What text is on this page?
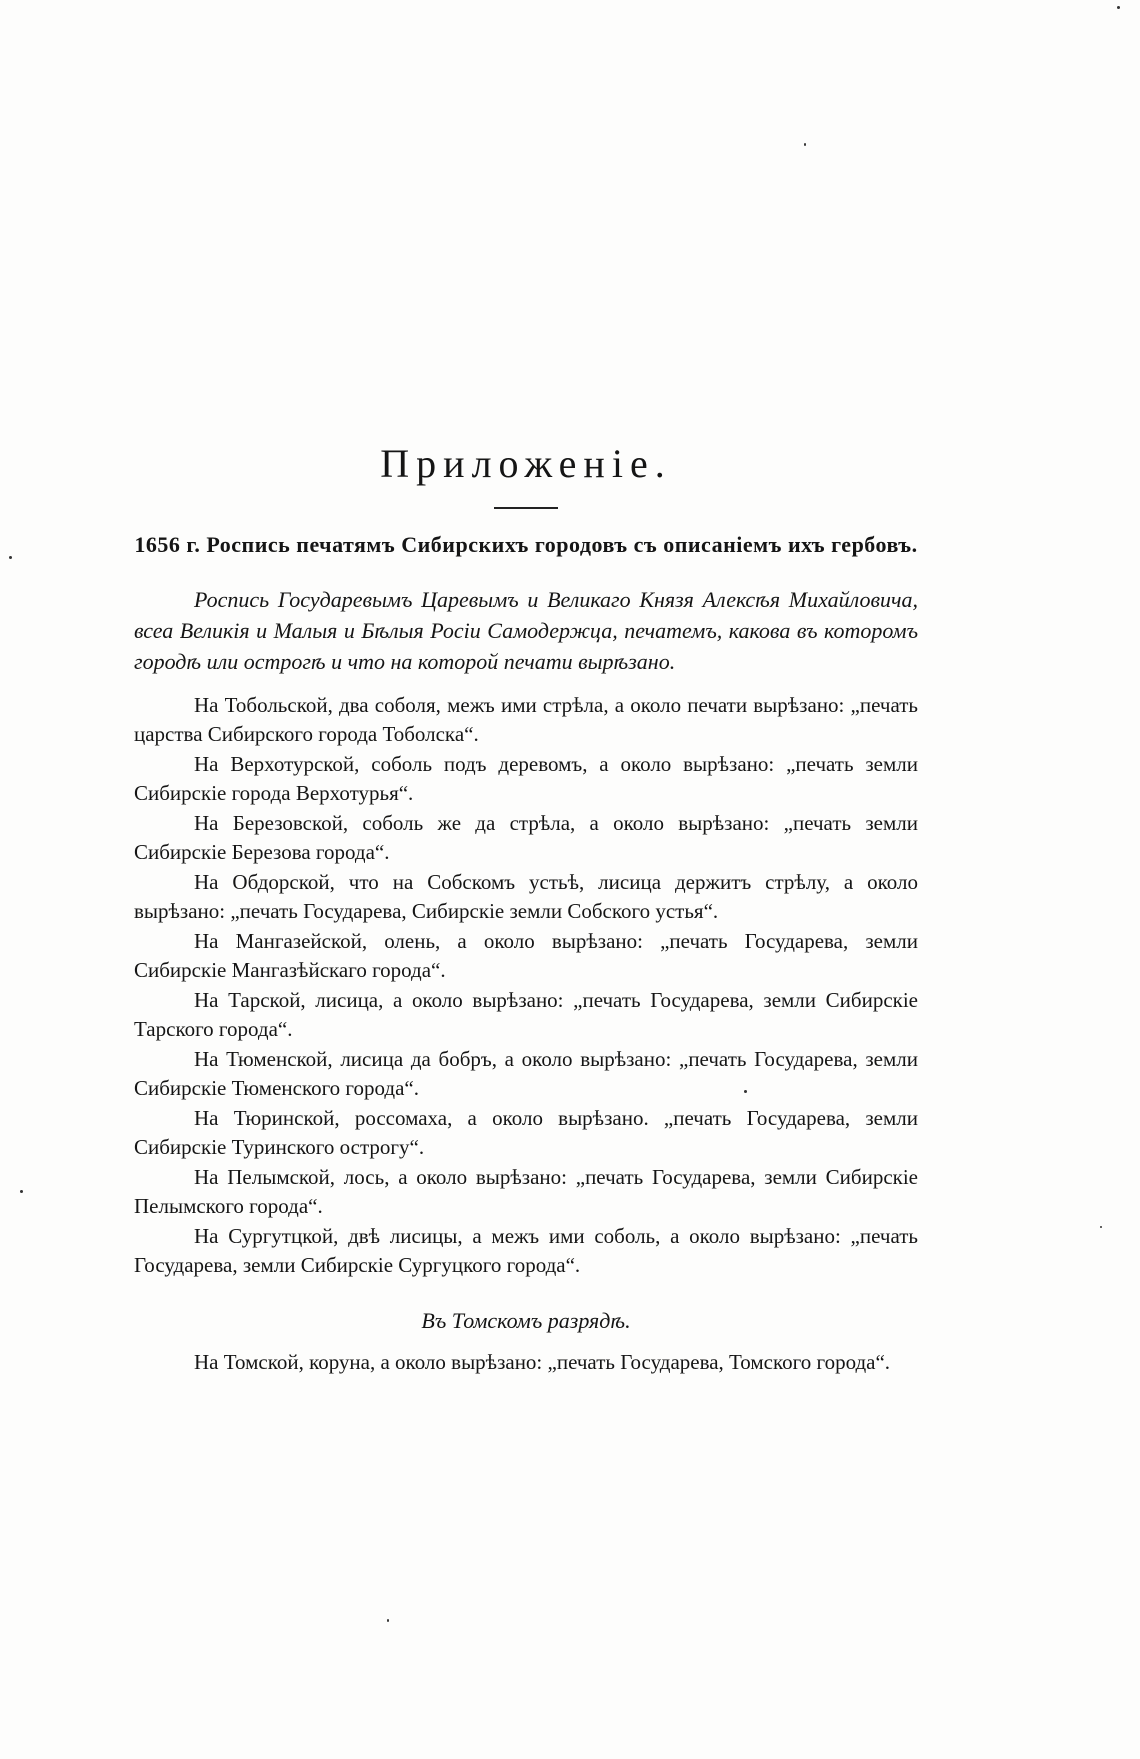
Приложеніе.

1656 г. Роспись печатямъ Сибирскихъ городовъ съ описаніемъ ихъ гербовъ.

Роспись Государевымъ Царевымъ и Великаго Князя Алексѣя Михайловича, всеа Великія и Малыя и Бѣлыя Росіи Самодержца, печатемъ, какова въ которомъ городѣ или острогѣ и что на которой печати вырѣзано.

На Тобольской, два соболя, межъ ими стрѣла, а около печати вырѣзано: „печать царства Сибирского города Тоболска“.

На Верхотурской, соболь подъ деревомъ, а около вырѣзано: „печать земли Сибирскіе города Верхотурья“.

На Березовской, соболь же да стрѣла, а около вырѣзано: „печать земли Сибирскіе Березова города“.

На Обдорской, что на Собскомъ устьѣ, лисица держитъ стрѣлу, а около вырѣзано: „печать Государева, Сибирскіе земли Собского устья“.

На Мангазейской, олень, а около вырѣзано: „печать Государева, земли Сибирскіе Мангазѣйскаго города“.

На Тарской, лисица, а около вырѣзано: „печать Государева, земли Сибирскіе Тарского города“.

На Тюменской, лисица да бобръ, а около вырѣзано: „печать Государева, земли Сибирскіе Тюменского города“.

На Тюринской, россомаха, а около вырѣзано. „печать Государева, земли Сибирскіе Туринского острогу“.

На Пелымской, лось, а около вырѣзано: „печать Государева, земли Сибирскіе Пелымского города“.

На Сургутцкой, двѣ лисицы, а межъ ими соболь, а около вырѣзано: „печать Государева, земли Сибирскіе Сургуцкого города“.

Въ Томскомъ разрядѣ.

На Томской, коруна, а около вырѣзано: „печать Государева, Томского города“.
